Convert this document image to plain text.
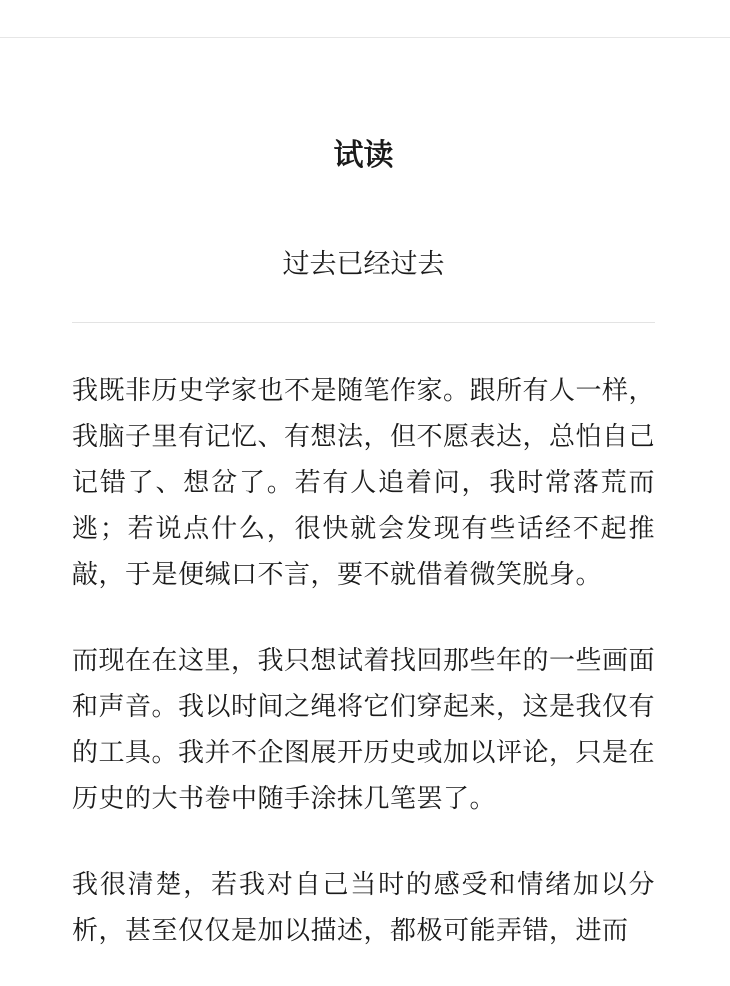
试读
过去已经过去

我既非历史学家也不是随笔作家。跟所有人一样，我脑子里有记忆、有想法，但不愿表达，总怕自己记错了、想岔了。若有人追着问，我时常落荒而逃；若说点什么，很快就会发现有些话经不起推敲，于是便缄口不言，要不就借着微笑脱身。

而现在在这里，我只想试着找回那些年的一些画面和声音。我以时间之绳将它们穿起来，这是我仅有的工具。我并不企图展开历史或加以评论，只是在历史的大书卷中随手涂抹几笔罢了。

我很清楚，若我对自己当时的感受和情绪加以分析，甚至仅仅是加以描述，都极可能弄错，进而
